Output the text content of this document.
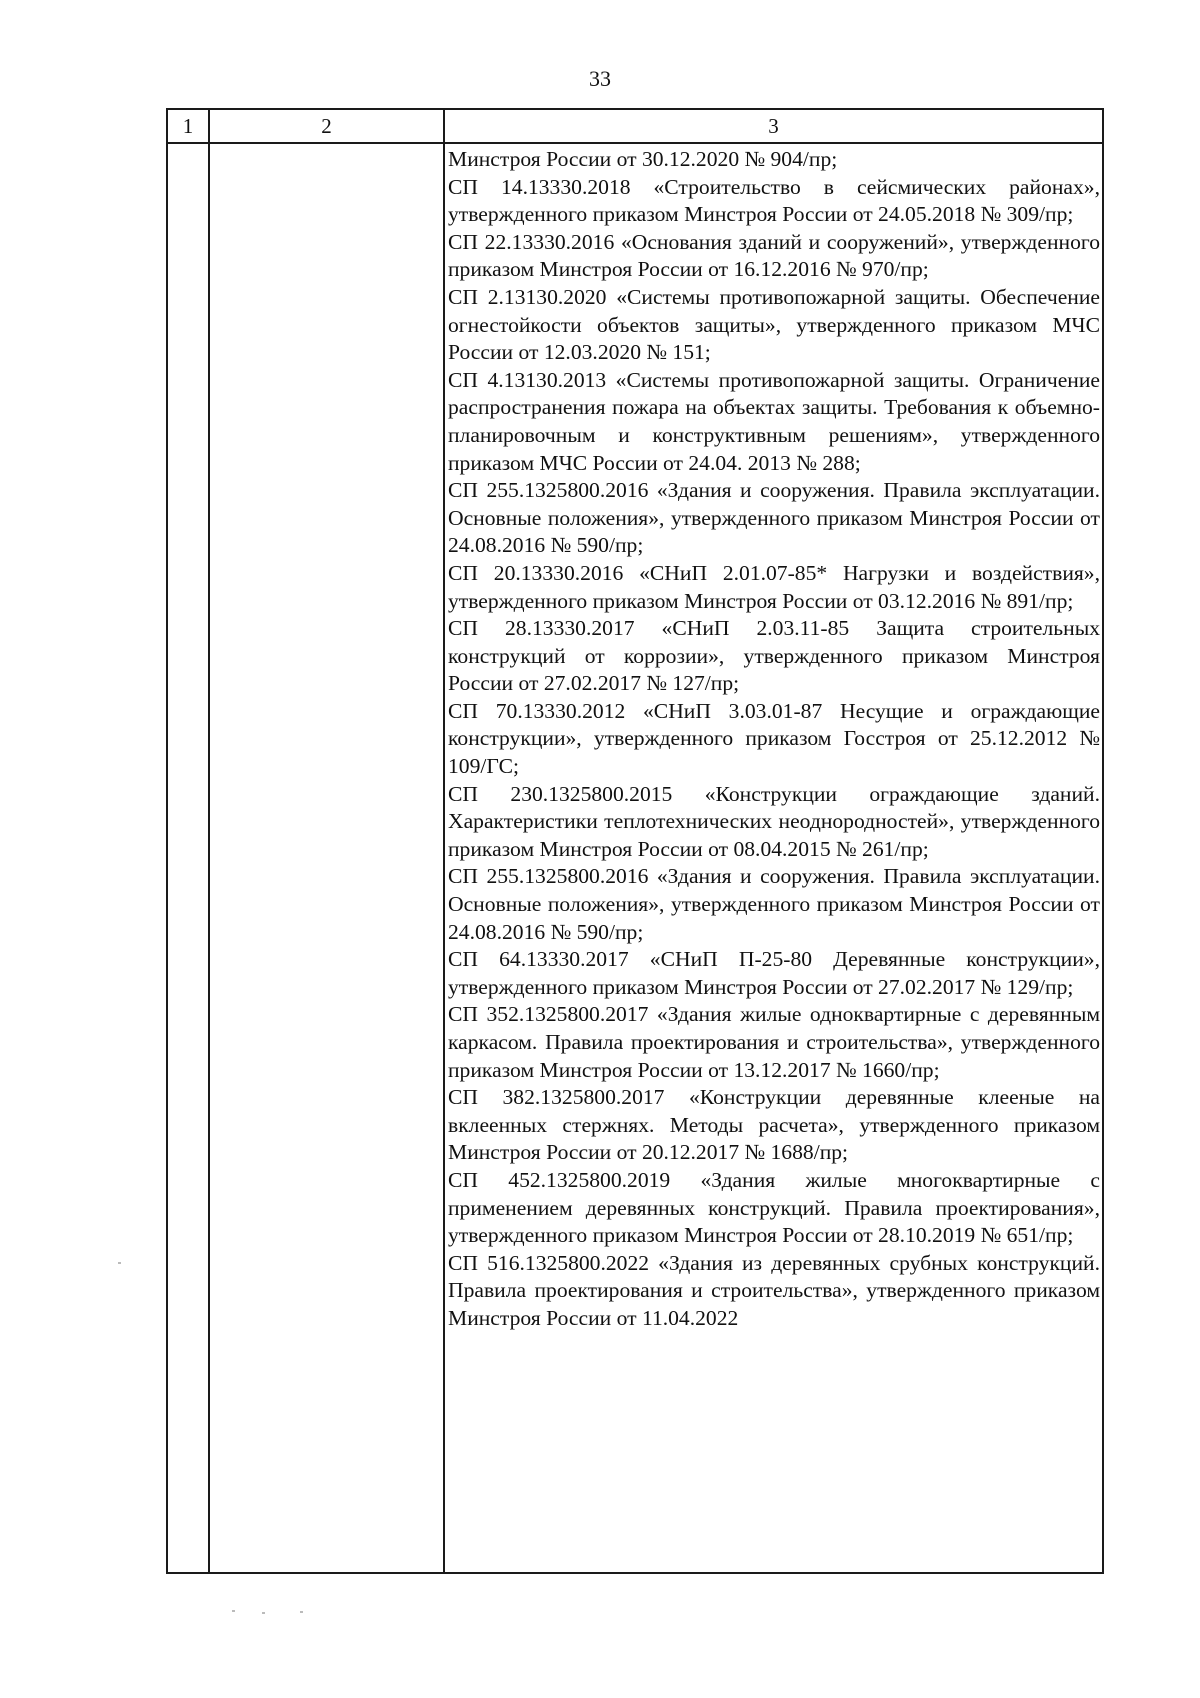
33
1	2	3
Минстроя России от 30.12.2020 № 904/пр;
СП 14.13330.2018 «Строительство в сейсмических районах», утвержденного приказом Минстроя России от 24.05.2018 № 309/пр;
СП 22.13330.2016 «Основания зданий и сооружений», утвержденного приказом Минстроя России от 16.12.2016 № 970/пр;
СП 2.13130.2020 «Системы противопожарной защиты. Обеспечение огнестойкости объектов защиты», утвержденного приказом МЧС России от 12.03.2020 № 151;
СП 4.13130.2013 «Системы противопожарной защиты. Ограничение распространения пожара на объектах защиты. Требования к объемно-планировочным и конструктивным решениям», утвержденного приказом МЧС России от 24.04. 2013 № 288;
СП 255.1325800.2016 «Здания и сооружения. Правила эксплуатации. Основные положения», утвержденного приказом Минстроя России от 24.08.2016 № 590/пр;
СП 20.13330.2016 «СНиП 2.01.07-85* Нагрузки и воздействия», утвержденного приказом Минстроя России от 03.12.2016 № 891/пр;
СП 28.13330.2017 «СНиП 2.03.11-85 Защита строительных конструкций от коррозии», утвержденного приказом Минстроя России от 27.02.2017 № 127/пр;
СП 70.13330.2012 «СНиП 3.03.01-87 Несущие и ограждающие конструкции», утвержденного приказом Госстроя от 25.12.2012 № 109/ГС;
СП 230.1325800.2015 «Конструкции ограждающие зданий. Характеристики теплотехнических неоднородностей», утвержденного приказом Минстроя России от 08.04.2015 № 261/пр;
СП 255.1325800.2016 «Здания и сооружения. Правила эксплуатации. Основные положения», утвержденного приказом Минстроя России от 24.08.2016 № 590/пр;
СП 64.13330.2017 «СНиП П-25-80 Деревянные конструкции», утвержденного приказом Минстроя России от 27.02.2017 № 129/пр;
СП 352.1325800.2017 «Здания жилые одноквартирные с деревянным каркасом. Правила проектирования и строительства», утвержденного приказом Минстроя России от 13.12.2017 № 1660/пр;
СП 382.1325800.2017 «Конструкции деревянные клееные на вклеенных стержнях. Методы расчета», утвержденного приказом Минстроя России от 20.12.2017 № 1688/пр;
СП 452.1325800.2019 «Здания жилые многоквартирные с применением деревянных конструкций. Правила проектирования», утвержденного приказом Минстроя России от 28.10.2019 № 651/пр;
СП 516.1325800.2022 «Здания из деревянных срубных конструкций. Правила проектирования и строительства», утвержденного приказом Минстроя России от 11.04.2022
